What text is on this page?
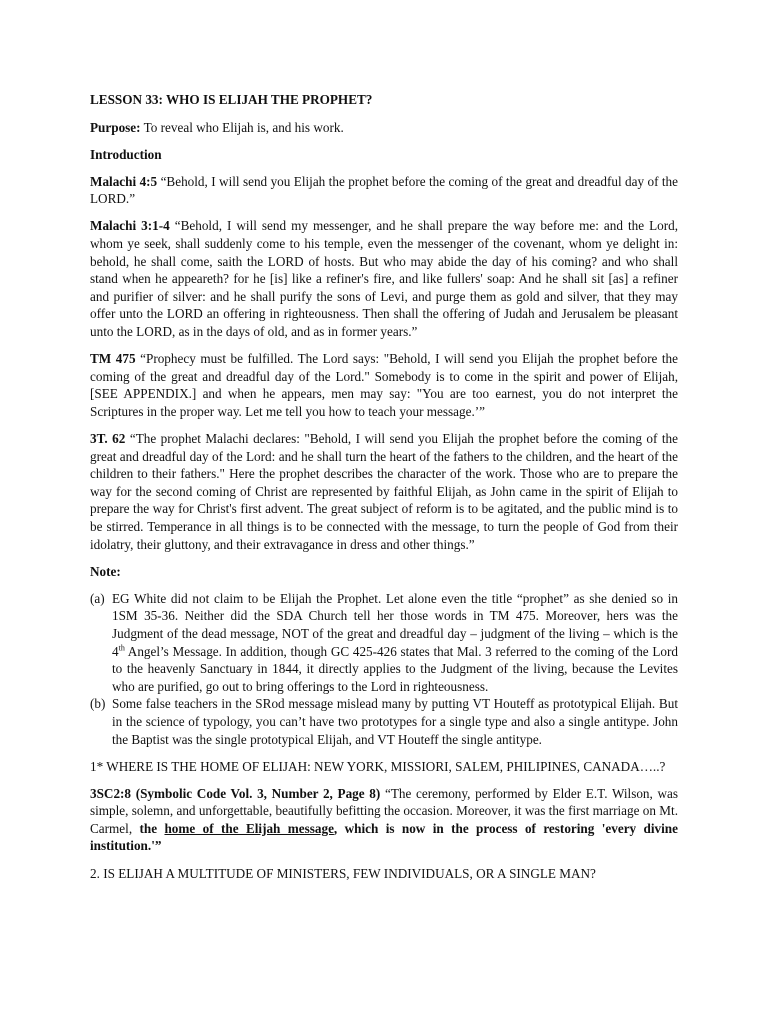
LESSON 33: WHO IS ELIJAH THE PROPHET?

Purpose: To reveal who Elijah is, and his work.

Introduction

Malachi 4:5 “Behold, I will send you Elijah the prophet before the coming of the great and dreadful day of the LORD.”

Malachi 3:1-4 “Behold, I will send my messenger, and he shall prepare the way before me: and the Lord, whom ye seek, shall suddenly come to his temple, even the messenger of the covenant, whom ye delight in: behold, he shall come, saith the LORD of hosts. But who may abide the day of his coming? and who shall stand when he appeareth? for he [is] like a refiner's fire, and like fullers' soap: And he shall sit [as] a refiner and purifier of silver: and he shall purify the sons of Levi, and purge them as gold and silver, that they may offer unto the LORD an offering in righteousness. Then shall the offering of Judah and Jerusalem be pleasant unto the LORD, as in the days of old, and as in former years.”

TM 475 “Prophecy must be fulfilled. The Lord says: "Behold, I will send you Elijah the prophet before the coming of the great and dreadful day of the Lord." Somebody is to come in the spirit and power of Elijah, [SEE APPENDIX.] and when he appears, men may say: "You are too earnest, you do not interpret the Scriptures in the proper way. Let me tell you how to teach your message.’”

3T. 62 “The prophet Malachi declares: "Behold, I will send you Elijah the prophet before the coming of the great and dreadful day of the Lord: and he shall turn the heart of the fathers to the children, and the heart of the children to their fathers." Here the prophet describes the character of the work. Those who are to prepare the way for the second coming of Christ are represented by faithful Elijah, as John came in the spirit of Elijah to prepare the way for Christ's first advent. The great subject of reform is to be agitated, and the public mind is to be stirred. Temperance in all things is to be connected with the message, to turn the people of God from their idolatry, their gluttony, and their extravagance in dress and other things.”

Note:

(a) EG White did not claim to be Elijah the Prophet. Let alone even the title “prophet” as she denied so in 1SM 35-36. Neither did the SDA Church tell her those words in TM 475. Moreover, hers was the Judgment of the dead message, NOT of the great and dreadful day – judgment of the living – which is the 4th Angel’s Message. In addition, though GC 425-426 states that Mal. 3 referred to the coming of the Lord to the heavenly Sanctuary in 1844, it directly applies to the Judgment of the living, because the Levites who are purified, go out to bring offerings to the Lord in righteousness.
(b) Some false teachers in the SRod message mislead many by putting VT Houteff as prototypical Elijah. But in the science of typology, you can’t have two prototypes for a single type and also a single antitype. John the Baptist was the single prototypical Elijah, and VT Houteff the single antitype.

1* WHERE IS THE HOME OF ELIJAH: NEW YORK, MISSIORI, SALEM, PHILIPINES, CANADA…..?

3SC2:8 (Symbolic Code Vol. 3, Number 2, Page 8) “The ceremony, performed by Elder E.T. Wilson, was simple, solemn, and unforgettable, beautifully befitting the occasion. Moreover, it was the first marriage on Mt. Carmel, the home of the Elijah message, which is now in the process of restoring 'every divine institution.'”

2. IS ELIJAH A MULTITUDE OF MINISTERS, FEW INDIVIDUALS, OR A SINGLE MAN?
